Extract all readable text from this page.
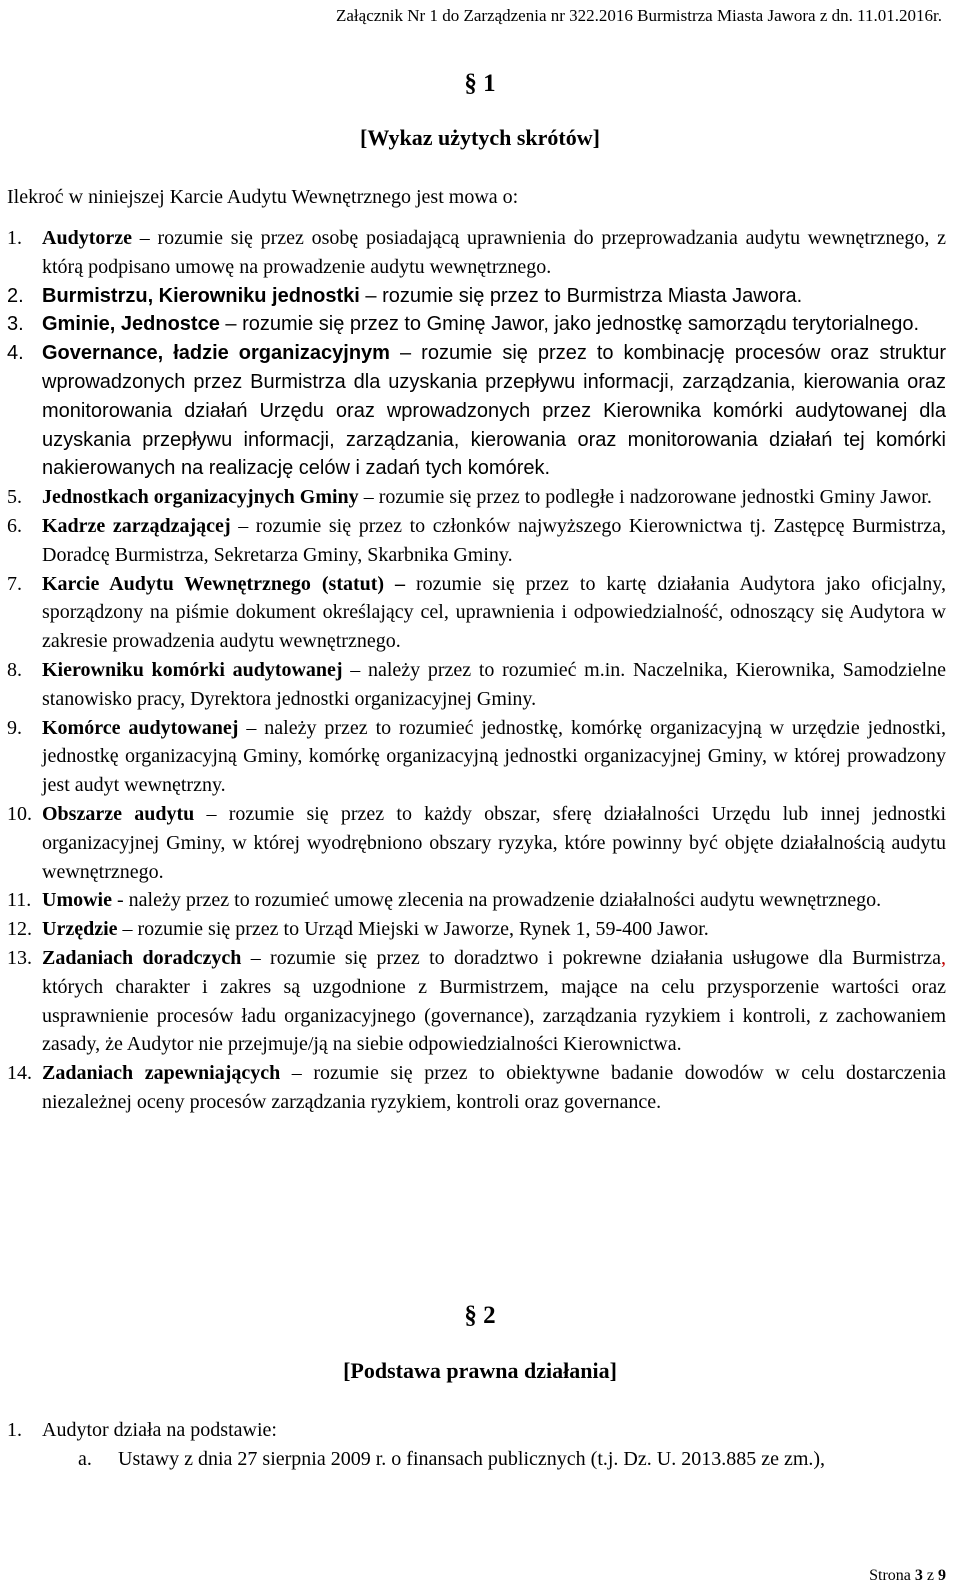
Załącznik Nr 1 do Zarządzenia nr 322.2016 Burmistrza Miasta Jawora z dn. 11.01.2016r.
§ 1
[Wykaz użytych skrótów]
Ilekroć w niniejszej Karcie Audytu Wewnętrznego jest mowa o:
1. Audytorze – rozumie się przez osobę posiadającą uprawnienia do przeprowadzania audytu wewnętrznego, z którą podpisano umowę na prowadzenie audytu wewnętrznego.
2. Burmistrzu, Kierowniku jednostki – rozumie się przez to Burmistrza Miasta Jawora.
3. Gminie, Jednostce – rozumie się przez to Gminę Jawor, jako jednostkę samorządu terytorialnego.
4. Governance, ładzie organizacyjnym – rozumie się przez to kombinację procesów oraz struktur wprowadzonych przez Burmistrza dla uzyskania przepływu informacji, zarządzania, kierowania oraz monitorowania działań Urzędu oraz wprowadzonych przez Kierownika komórki audytowanej dla uzyskania przepływu informacji, zarządzania, kierowania oraz monitorowania działań tej komórki nakierowanych na realizację celów i zadań tych komórek.
5. Jednostkach organizacyjnych Gminy – rozumie się przez to podległe i nadzorowane jednostki Gminy Jawor.
6. Kadrze zarządzającej – rozumie się przez to członków najwyższego Kierownictwa tj. Zastępcę Burmistrza, Doradcę Burmistrza, Sekretarza Gminy, Skarbnika Gminy.
7. Karcie Audytu Wewnętrznego (statut) – rozumie się przez to kartę działania Audytora jako oficjalny, sporządzony na piśmie dokument określający cel, uprawnienia i odpowiedzialność, odnoszący się Audytora w zakresie prowadzenia audytu wewnętrznego.
8. Kierowniku komórki audytowanej – należy przez to rozumieć m.in. Naczelnika, Kierownika, Samodzielne stanowisko pracy, Dyrektora jednostki organizacyjnej Gminy.
9. Komórce audytowanej – należy przez to rozumieć jednostkę, komórkę organizacyjną w urzędzie jednostki, jednostkę organizacyjną Gminy, komórkę organizacyjną jednostki organizacyjnej Gminy, w której prowadzony jest audyt wewnętrzny.
10. Obszarze audytu – rozumie się przez to każdy obszar, sferę działalności Urzędu lub innej jednostki organizacyjnej Gminy, w której wyodrębniono obszary ryzyka, które powinny być objęte działalnością audytu wewnętrznego.
11. Umowie - należy przez to rozumieć umowę zlecenia na prowadzenie działalności audytu wewnętrznego.
12. Urzędzie – rozumie się przez to Urząd Miejski w Jaworze, Rynek 1, 59-400 Jawor.
13. Zadaniach doradczych – rozumie się przez to doradztwo i pokrewne działania usługowe dla Burmistrza, których charakter i zakres są uzgodnione z Burmistrzem, mające na celu przysporzenie wartości oraz usprawnienie procesów ładu organizacyjnego (governance), zarządzania ryzykiem i kontroli, z zachowaniem zasady, że Audytor nie przejmuje/ją na siebie odpowiedzialności Kierownictwa.
14. Zadaniach zapewniających – rozumie się przez to obiektywne badanie dowodów w celu dostarczenia niezależnej oceny procesów zarządzania ryzykiem, kontroli oraz governance.
§ 2
[Podstawa prawna działania]
1. Audytor działa na podstawie:
a. Ustawy z dnia 27 sierpnia 2009 r. o finansach publicznych (t.j. Dz. U. 2013.885 ze zm.),
Strona 3 z 9
